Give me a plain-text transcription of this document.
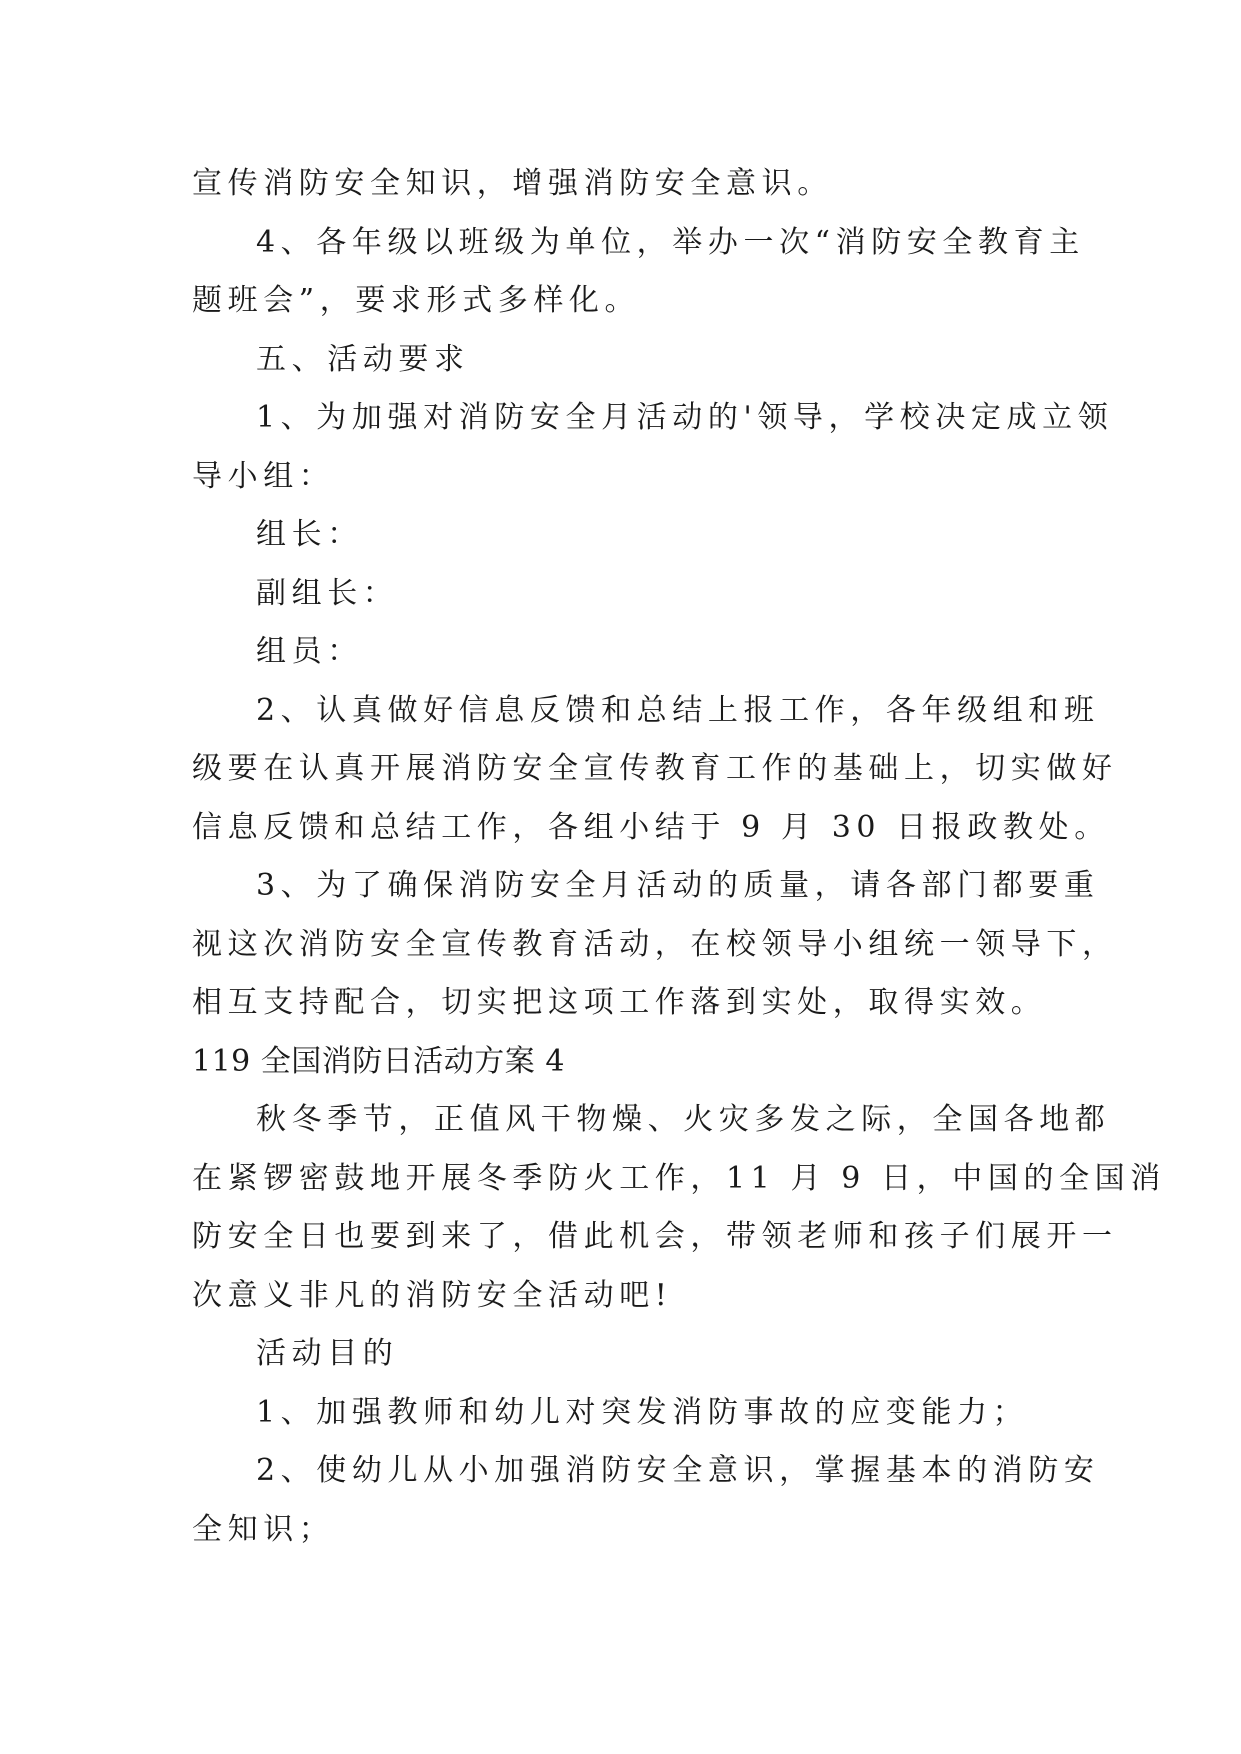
宣传消防安全知识，增强消防安全意识。
4、各年级以班级为单位，举办一次“消防安全教育主
题班会”，要求形式多样化。
五、活动要求
1、为加强对消防安全月活动的'领导，学校决定成立领
导小组：
组长：
副组长：
组员：
2、认真做好信息反馈和总结上报工作，各年级组和班
级要在认真开展消防安全宣传教育工作的基础上，切实做好
信息反馈和总结工作，各组小结于 9 月 30 日报政教处。
3、为了确保消防安全月活动的质量，请各部门都要重
视这次消防安全宣传教育活动，在校领导小组统一领导下，
相互支持配合，切实把这项工作落到实处，取得实效。
119 全国消防日活动方案 4
秋冬季节，正值风干物燥、火灾多发之际，全国各地都
在紧锣密鼓地开展冬季防火工作，11 月 9 日，中国的全国消
防安全日也要到来了，借此机会，带领老师和孩子们展开一
次意义非凡的消防安全活动吧!
活动目的
1、加强教师和幼儿对突发消防事故的应变能力；
2、使幼儿从小加强消防安全意识，掌握基本的消防安
全知识；
